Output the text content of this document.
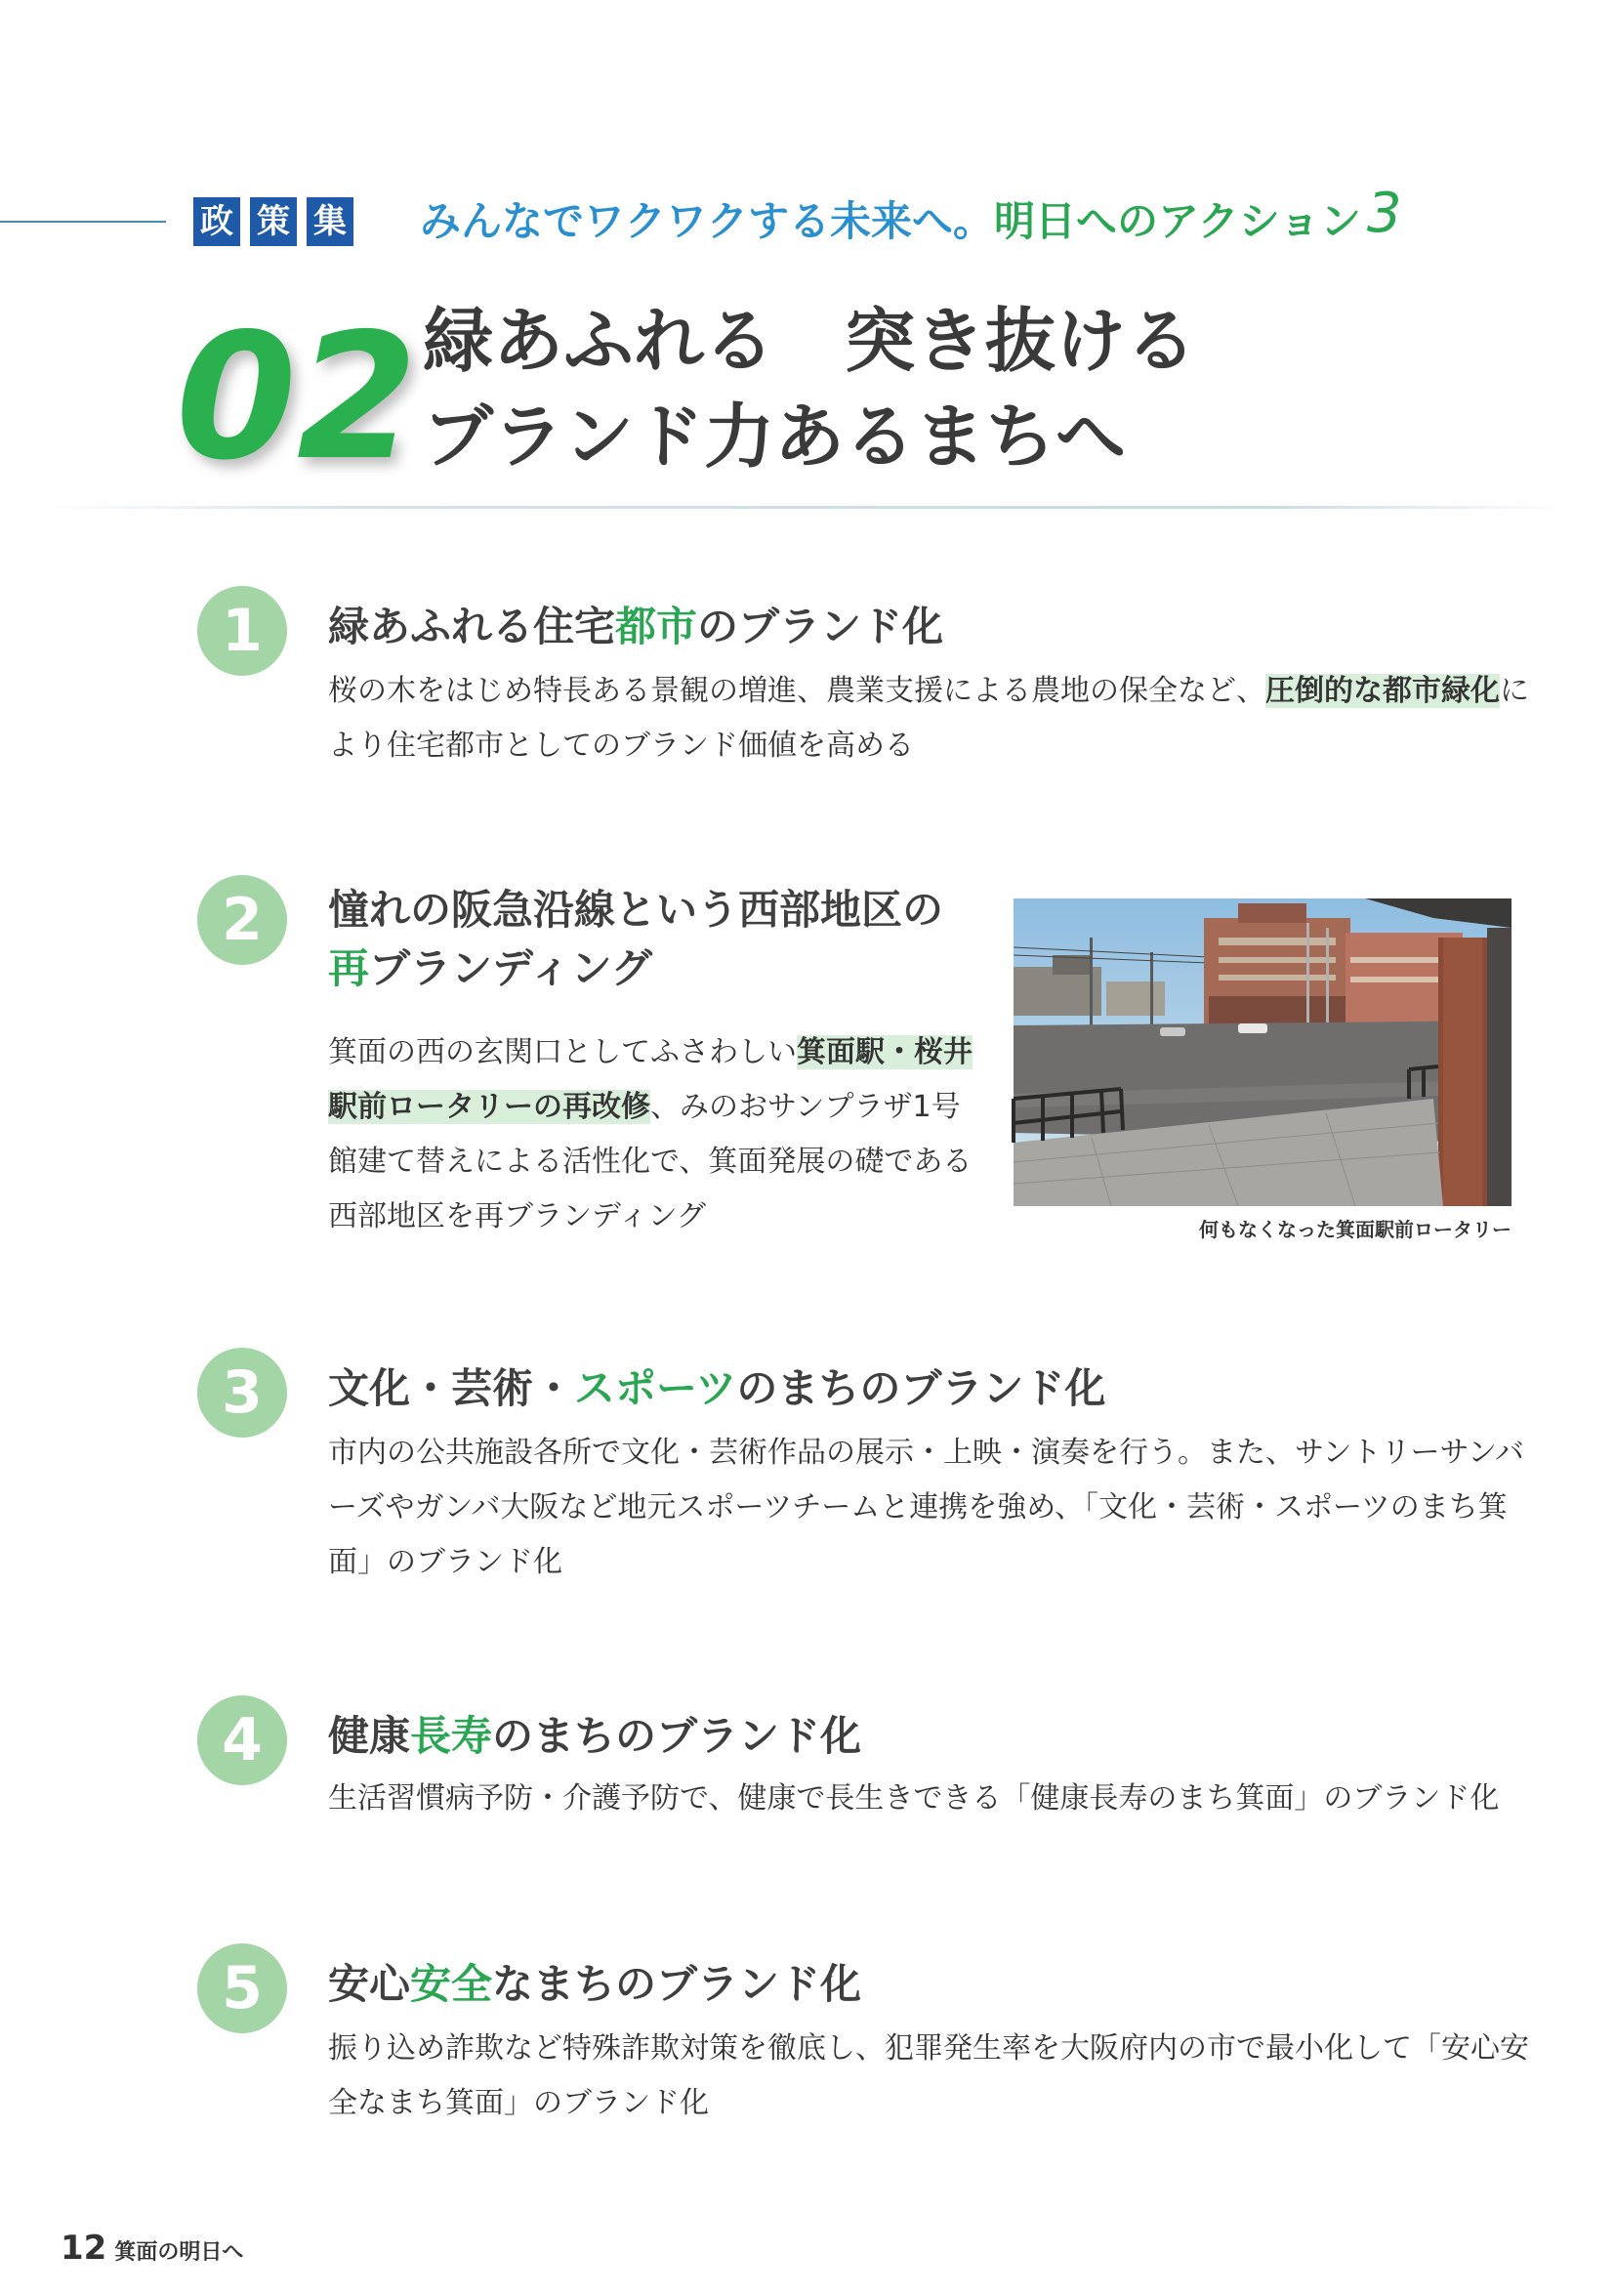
政 策 集 みんなでワクワクする未来へ。明日へのアクション 3
02 緑あふれる　突き抜ける
ブランド力あるまちへ
1	緑あふれる住宅都市のブランド化
桜の木をはじめ特長ある景観の増進、農業支援による農地の保全など、圧倒的な都市緑化により住宅都市としてのブランド価値を高める
2	憧れの阪急沿線という西部地区の
再ブランディング
箕面の西の玄関口としてふさわしい箕面駅・桜井駅前ロータリーの再改修、みのおサンプラザ1号館建て替えによる活性化で、箕面発展の礎である西部地区を再ブランディング	何もなくなった箕面駅前ロータリー
3	文化・芸術・スポーツのまちのブランド化
市内の公共施設各所で文化・芸術作品の展示・上映・演奏を行う。また、サントリーサンバーズやガンバ大阪など地元スポーツチームと連携を強め、「文化・芸術・スポーツのまち箕面」のブランド化
4	健康長寿のまちのブランド化
生活習慣病予防・介護予防で、健康で長生きできる「健康長寿のまち箕面」のブランド化
5	安心安全なまちのブランド化
振り込め詐欺など特殊詐欺対策を徹底し、犯罪発生率を大阪府内の市で最小化して「安心安全なまち箕面」のブランド化
12 箕面の明日へ
